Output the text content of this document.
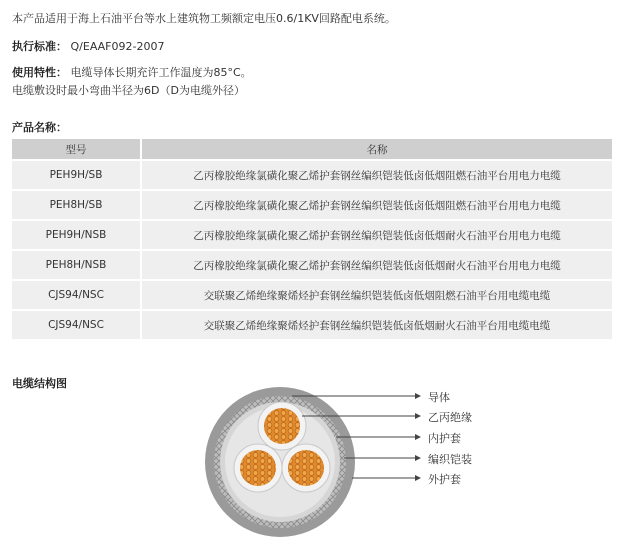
本产品适用于海上石油平台等水上建筑物工频额定电压0.6/1KV回路配电系统。
执行标准： Q/EAAF092-2007
使用特性： 电缆导体长期充许工作温度为85°C。
电缆敷设时最小弯曲半径为6D（D为电缆外径）
产品名称：
型号	名称
PEH9H/SB	乙丙橡胶绝缘氯磺化聚乙烯护套钢丝编织铠装低卤低烟阻燃石油平台用电力电缆
PEH8H/SB	乙丙橡胶绝缘氯磺化聚乙烯护套钢丝编织铠装低卤低烟阻燃石油平台用电力电缆
PEH9H/NSB	乙丙橡胶绝缘氯磺化聚乙烯护套钢丝编织铠装低卤低烟耐火石油平台用电力电缆
PEH8H/NSB	乙丙橡胶绝缘氯磺化聚乙烯护套钢丝编织铠装低卤低烟耐火石油平台用电力电缆
CJS94/NSC	交联聚乙烯绝缘聚烯烃护套钢丝编织铠装低卤低烟阻燃石油平台用电缆电缆
CJS94/NSC	交联聚乙烯绝缘聚烯烃护套钢丝编织铠装低卤低烟耐火石油平台用电缆电缆
电缆结构图
导体
乙丙绝缘
内护套
编织铠装
外护套
